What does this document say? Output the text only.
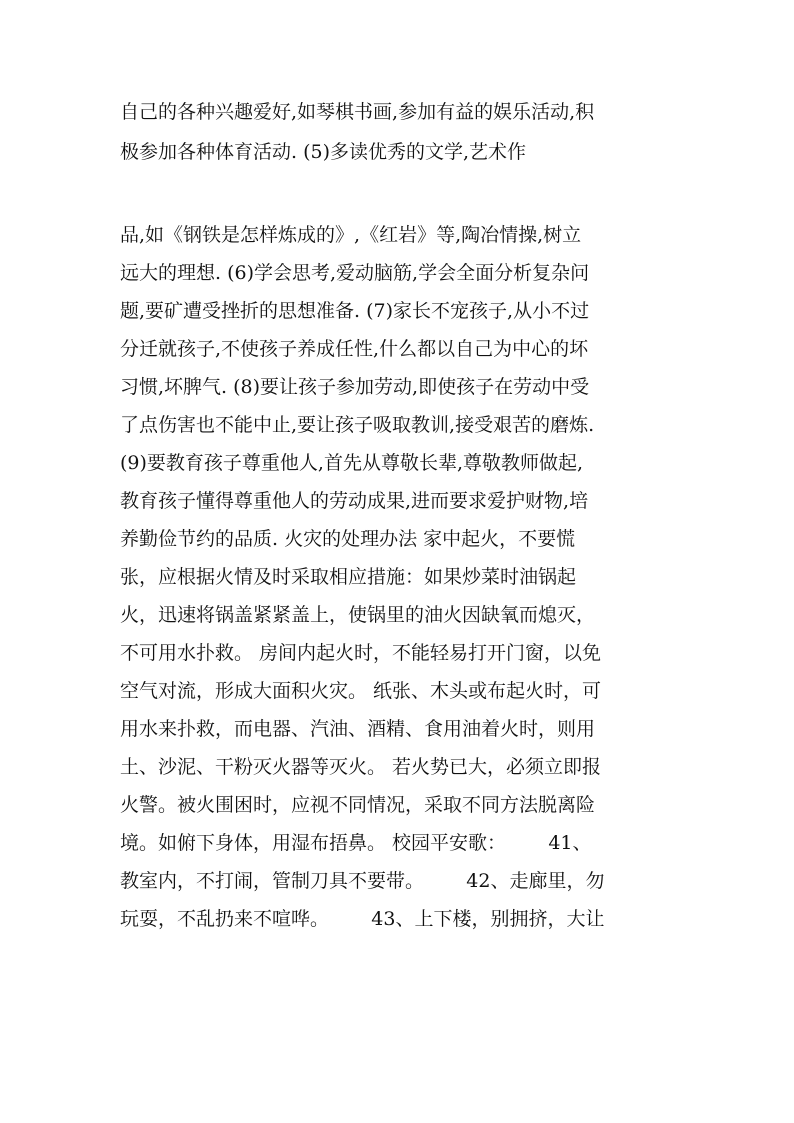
自己的各种兴趣爱好,如琴棋书画,参加有益的娱乐活动,积
极参加各种体育活动. (5)多读优秀的文学,艺术作
品,如《钢铁是怎样炼成的》,《红岩》等,陶冶情操,树立
远大的理想. (6)学会思考,爱动脑筋,学会全面分析复杂问
题,要矿遭受挫折的思想准备. (7)家长不宠孩子,从小不过
分迁就孩子,不使孩子养成任性,什么都以自己为中心的坏
习惯,坏脾气. (8)要让孩子参加劳动,即使孩子在劳动中受
了点伤害也不能中止,要让孩子吸取教训,接受艰苦的磨炼.
(9)要教育孩子尊重他人,首先从尊敬长辈,尊敬教师做起,
教育孩子懂得尊重他人的劳动成果,进而要求爱护财物,培
养勤俭节约的品质. 火灾的处理办法 家中起火，不要慌
张，应根据火情及时采取相应措施：如果炒菜时油锅起
火，迅速将锅盖紧紧盖上，使锅里的油火因缺氧而熄灭，
不可用水扑救。 房间内起火时，不能轻易打开门窗，以免
空气对流，形成大面积火灾。 纸张、木头或布起火时，可
用水来扑救，而电器、汽油、酒精、食用油着火时，则用
土、沙泥、干粉灭火器等灭火。 若火势已大，必须立即报
火警。被火围困时，应视不同情况，采取不同方法脱离险
境。如俯下身体，用湿布捂鼻。 校园平安歌：       41、
教室内，不打闹，管制刀具不要带。       42、走廊里，勿
玩耍，不乱扔来不喧哗。       43、上下楼，别拥挤，大让
